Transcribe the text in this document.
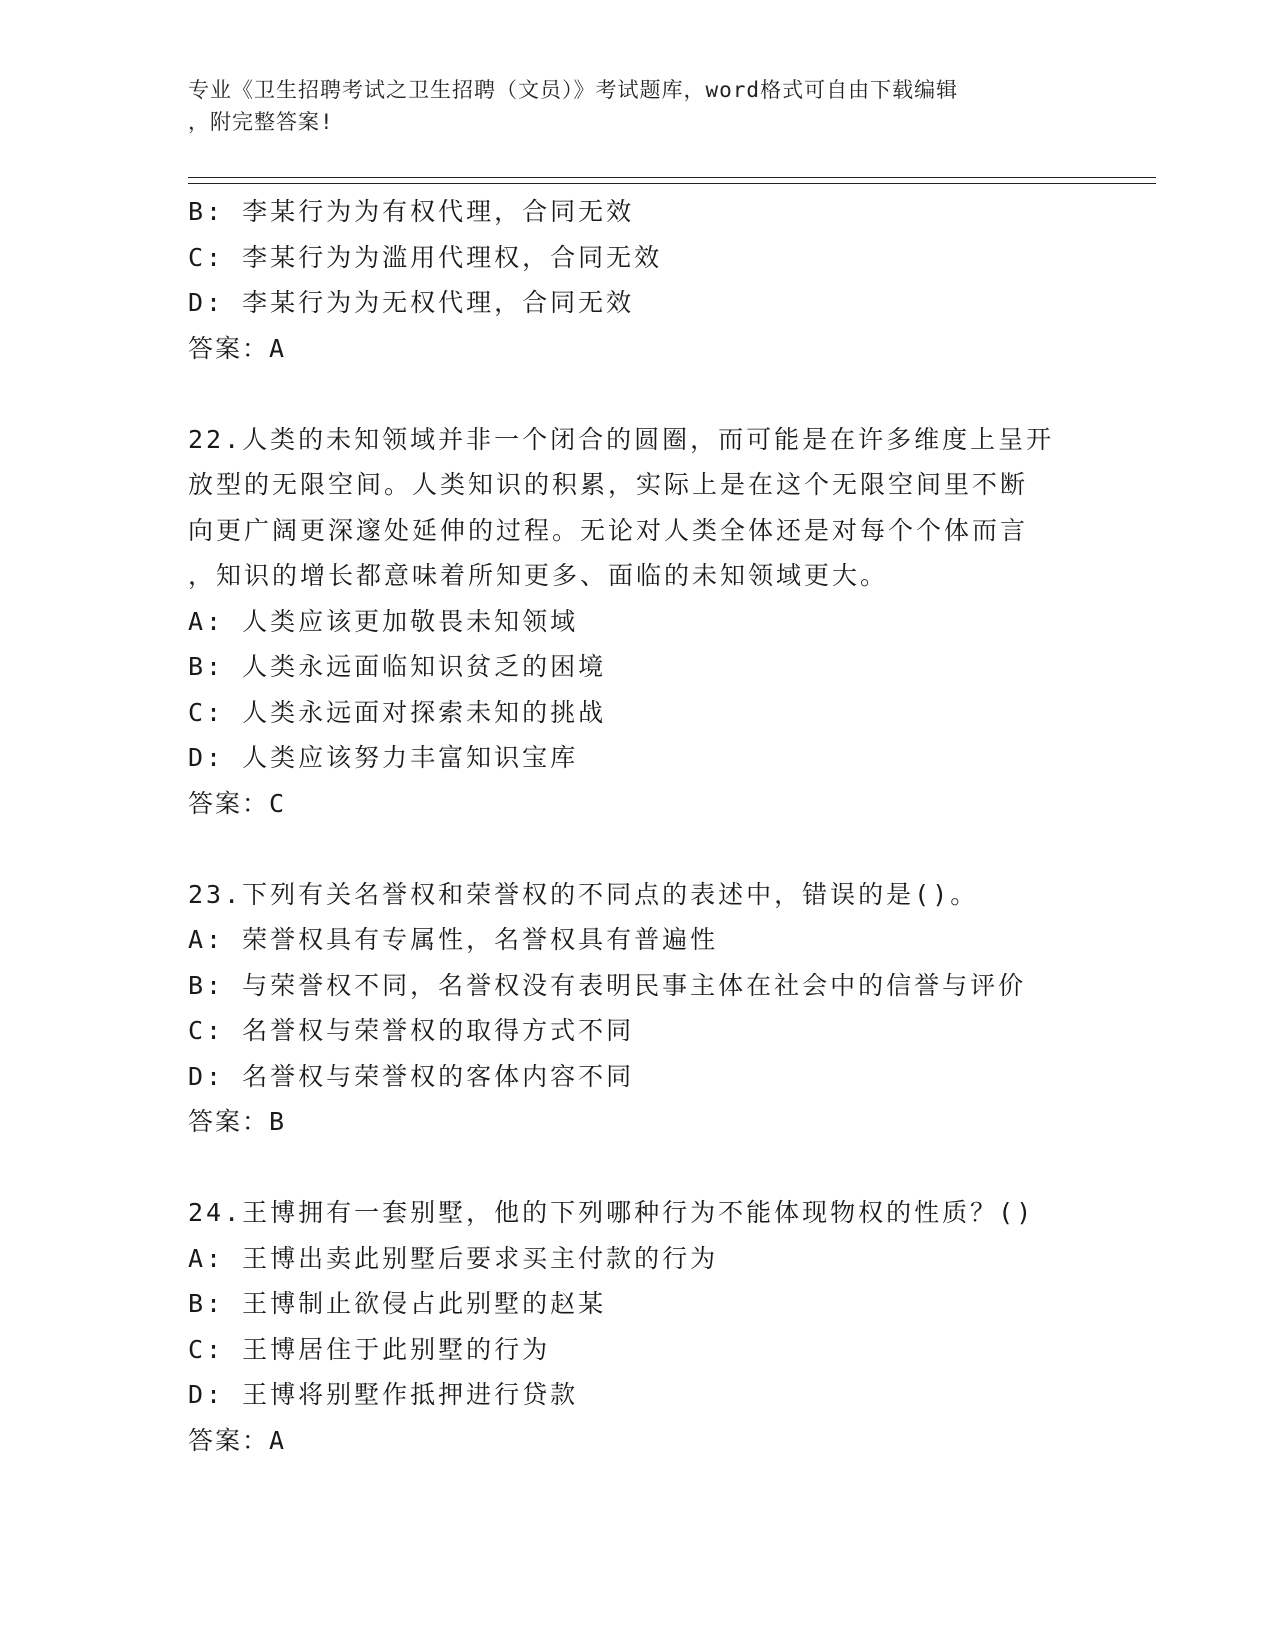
专业《卫生招聘考试之卫生招聘（文员）》考试题库，word格式可自由下载编辑
，附完整答案!
B: 李某行为为有权代理，合同无效
C: 李某行为为滥用代理权，合同无效
D: 李某行为为无权代理，合同无效
答案：A
22.人类的未知领域并非一个闭合的圆圈，而可能是在许多维度上呈开
放型的无限空间。人类知识的积累，实际上是在这个无限空间里不断
向更广阔更深邃处延伸的过程。无论对人类全体还是对每个个体而言
，知识的增长都意味着所知更多、面临的未知领域更大。
A: 人类应该更加敬畏未知领域
B: 人类永远面临知识贫乏的困境
C: 人类永远面对探索未知的挑战
D: 人类应该努力丰富知识宝库
答案：C
23.下列有关名誉权和荣誉权的不同点的表述中，错误的是()。
A: 荣誉权具有专属性，名誉权具有普遍性
B: 与荣誉权不同，名誉权没有表明民事主体在社会中的信誉与评价
C: 名誉权与荣誉权的取得方式不同
D: 名誉权与荣誉权的客体内容不同
答案：B
24.王博拥有一套别墅，他的下列哪种行为不能体现物权的性质？()
A: 王博出卖此别墅后要求买主付款的行为
B: 王博制止欲侵占此别墅的赵某
C: 王博居住于此别墅的行为
D: 王博将别墅作抵押进行贷款
答案：A
